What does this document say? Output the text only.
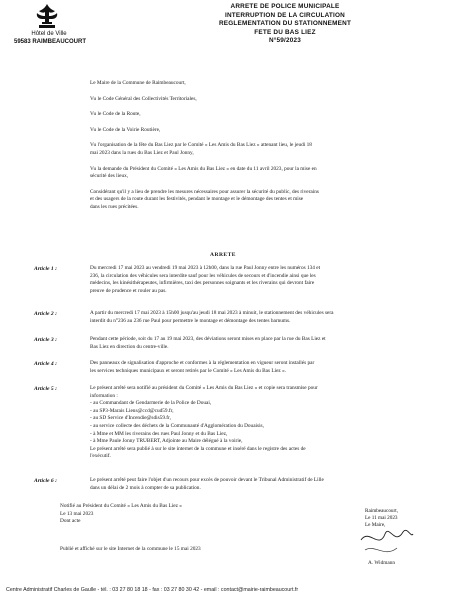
Hôtel de Ville
59583 RAIMBEAUCOURT
ARRETE DE POLICE MUNICIPALE
INTERRUPTION DE LA CIRCULATION
REGLEMENTATION DU STATIONNEMENT
FETE DU BAS LIEZ
N°59/2023
Le Maire de la Commune de Raimbeaucourt,
Vu le Code Général des Collectivités Territoriales,
Vu le Code de la Route,
Vu le Code de la Voirie Routière,
Vu l'organisation de la fête du Bas Liez par le Comité « Les Amis du Bas Liez » attenant lieu, le jeudi 18
mai 2023 dans la rues du Bas Liez et Paul Jonny,
Vu la demande du Président du Comité « Les Amis du Bas Liez » en date du 11 avril 2023, pour la mise en
sécurité des lieux,
Considérant qu'il y a lieu de prendre les mesures nécessaires pour assurer la sécurité du public, des riverains
et des usagers de la route durant les festivités, pendant le montage et le démontage des tentes et mise
dans les rues précitées.
ARRETE
Article 1 :	Du mercredi 17 mai 2023 au vendredi 19 mai 2023 à 12h00, dans la rue Paul Jonny entre les numéros 134 et
236, la circulation des véhicules sera interdite sauf pour les véhicules de secours et d'incendie ainsi que les
médecins, les kinésithérapeutes, infirmières, taxi des personnes soignants et les riverains qui devront faire
preuve de prudence et rouler au pas.
Article 2 :	A partir du mercredi 17 mai 2023 à 15h00 jusqu'au jeudi 18 mai 2023 à minuit, le stationnement des véhicules sera
interdit du n°236 au 236 rue Paul pour permettre le montage et démontage des tentes barnums.
Article 3 :	Pendant cette période, soit du 17 au 19 mai 2023, des déviations seront mises en place par la rue du Bas Liez et
Bas Liez en direction du centre-ville.
Article 4 :	Des panneaux de signalisation d'approche et conformes à la réglementation en vigueur seront installés par
les services techniques municipaux et seront retirés par le Comité « Les Amis du Bas Liez ».
Article 5 :	Le présent arrêté sera notifié au président du Comité « Les Amis du Bas Liez » et copie sera transmise pour
information :
- au Commandant de Gendarmerie de la Police de Douai,
- au SP3-Marais Liens@ccd@cud59.fr,
- au SD Service d'Incendie@sdis59.fr,
- au service collecte des déchets de la Communauté d'Agglomération du Douaisis,
- à Mme et MM les riverains des rues Paul Jonny et du Bas Liez,
- à Mme Paule Jonny TRUBERT, Adjointe au Maire délégué à la voirie,
Le présent arrêté sera publié à sur le site internet de la commune et inséré dans le registre des actes de
l'exécutif.
Article 6 :	Le présent arrêté peut faire l'objet d'un recours pour excès de pouvoir devant le Tribunal Administratif de Lille
dans un délai de 2 mois à compter de sa publication.
Notifié au Président du Comité « Les Amis du Bas Liez »
Le 13 mai 2023
Dont acte
Publié et affiché sur le site Internet de la commune le 15 mai 2023
Raimbeaucourt,
Le 11 mai 2023
Le Maire,
A. Widmann
Centre Administratif Charles de Gaulle - tél. : 03 27 80 18 18 - fax : 03 27 80 30 42 - email : contact@mairie-raimbeaucourt.fr
